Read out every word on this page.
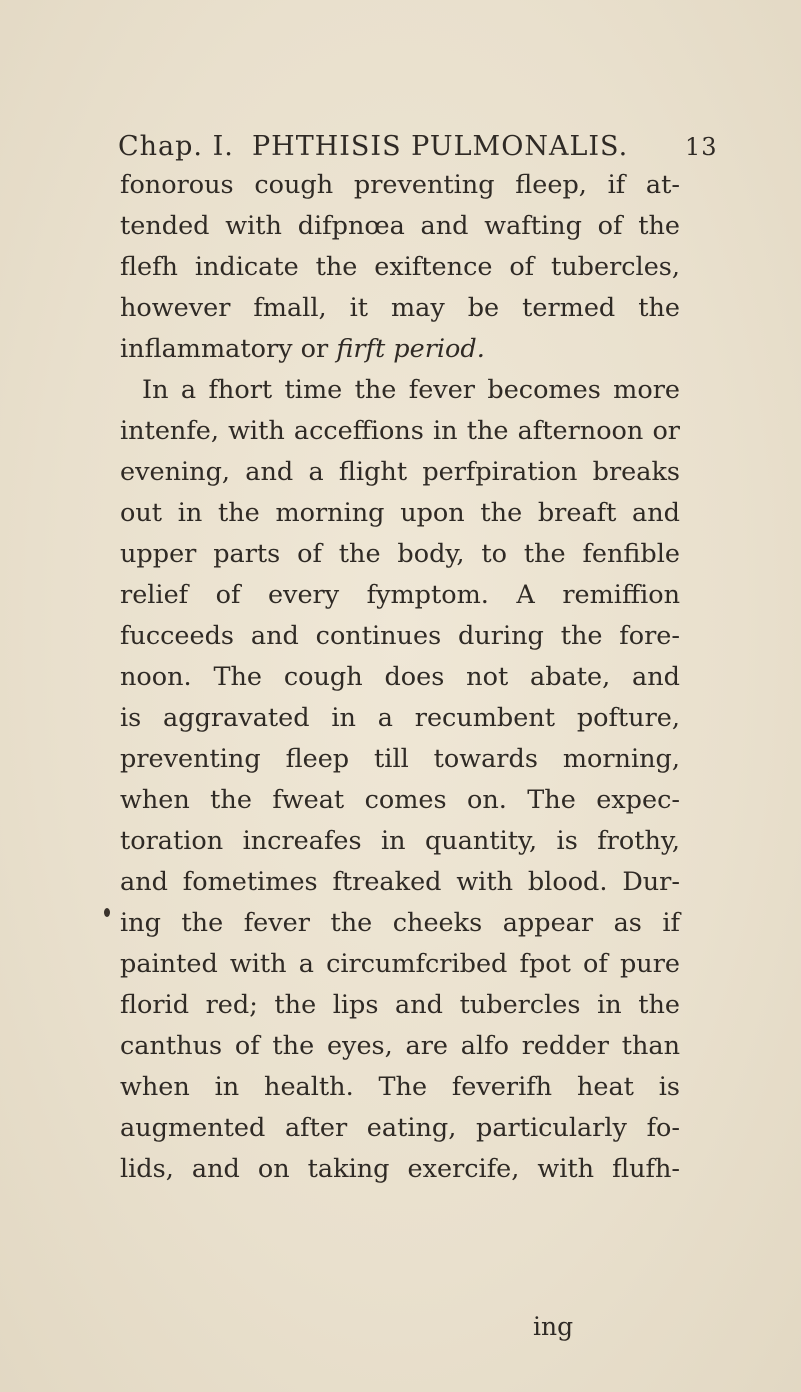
Chap. I. PHTHISIS PULMONALIS. 13
fonorous cough preventing fleep, if at-
tended with difpnœa and wafting of the
flefh indicate the exiftence of tubercles,
however fmall, it may be termed the
inflammatory or firft period.
In a fhort time the fever becomes more
intenfe, with acceffions in the afternoon or
evening, and a flight perfpiration breaks
out in the morning upon the breaft and
upper parts of the body, to the fenfible
relief of every fymptom. A remiffion
fucceeds and continues during the fore-
noon. The cough does not abate, and
is aggravated in a recumbent pofture,
preventing fleep till towards morning,
when the fweat comes on. The expec-
toration increafes in quantity, is frothy,
and fometimes ftreaked with blood. Dur-
ing the fever the cheeks appear as if
painted with a circumfcribed fpot of pure
florid red; the lips and tubercles in the
canthus of the eyes, are alfo redder than
when in health. The feverifh heat is
augmented after eating, particularly fo-
lids, and on taking exercife, with flufh-
ing
